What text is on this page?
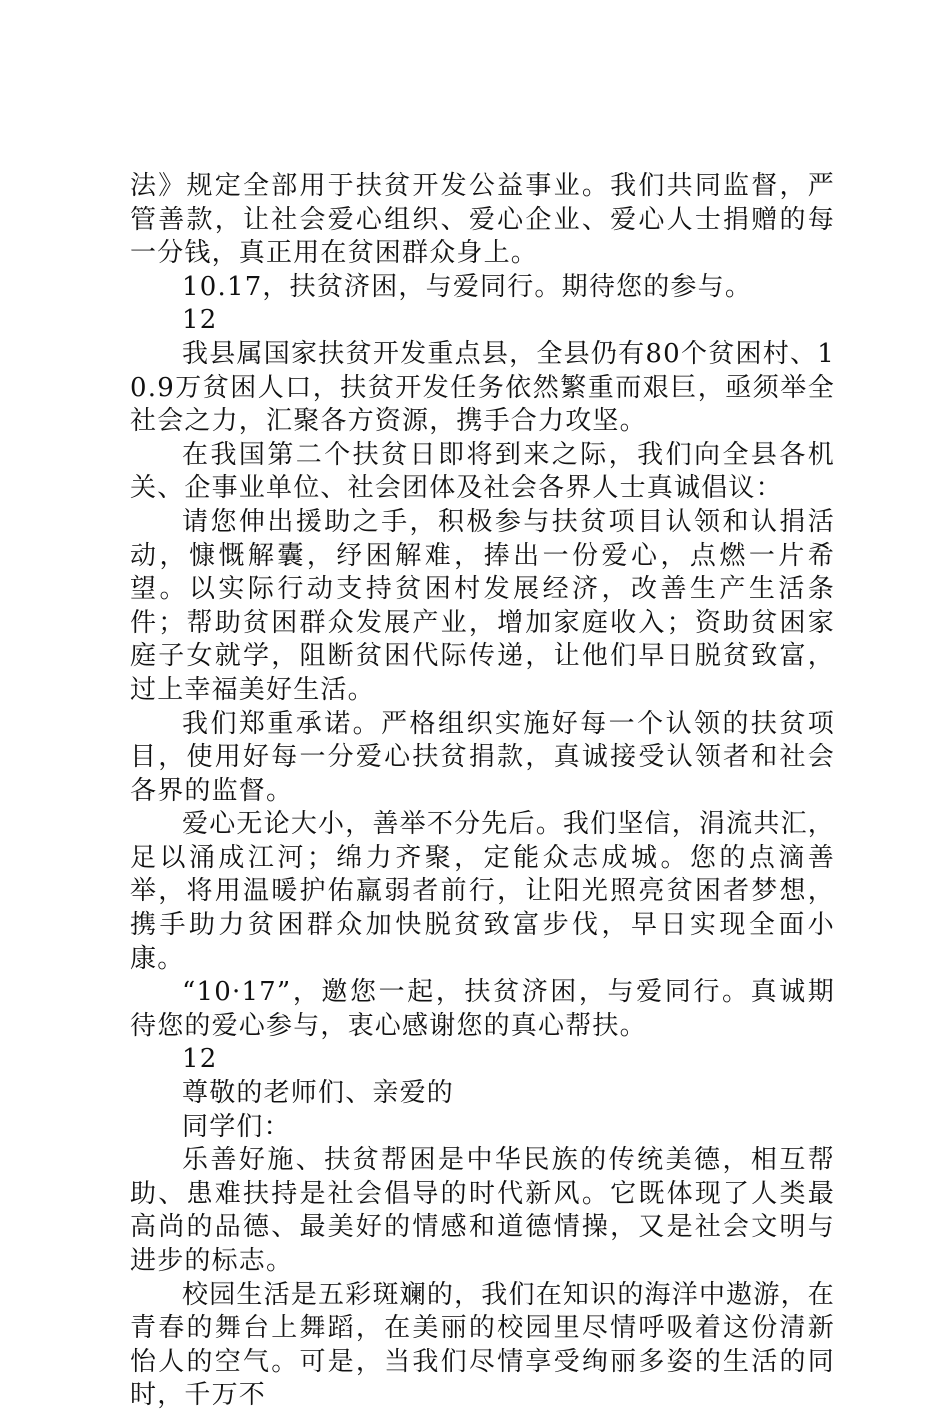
法》规定全部用于扶贫开发公益事业。我们共同监督，严管善款，让社会爱心组织、爱心企业、爱心人士捐赠的每一分钱，真正用在贫困群众身上。

10.17，扶贫济困，与爱同行。期待您的参与。

12

我县属国家扶贫开发重点县，全县仍有80个贫困村、10.9万贫困人口，扶贫开发任务依然繁重而艰巨，亟须举全社会之力，汇聚各方资源，携手合力攻坚。

在我国第二个扶贫日即将到来之际，我们向全县各机关、企事业单位、社会团体及社会各界人士真诚倡议：

请您伸出援助之手，积极参与扶贫项目认领和认捐活动，慷慨解囊，纾困解难，捧出一份爱心，点燃一片希望。以实际行动支持贫困村发展经济，改善生产生活条件；帮助贫困群众发展产业，增加家庭收入；资助贫困家庭子女就学，阻断贫困代际传递，让他们早日脱贫致富，过上幸福美好生活。

我们郑重承诺。严格组织实施好每一个认领的扶贫项目，使用好每一分爱心扶贫捐款，真诚接受认领者和社会各界的监督。

爱心无论大小，善举不分先后。我们坚信，涓流共汇，足以涌成江河；绵力齐聚，定能众志成城。您的点滴善举，将用温暖护佑羸弱者前行，让阳光照亮贫困者梦想，携手助力贫困群众加快脱贫致富步伐，早日实现全面小康。

“10·17”，邀您一起，扶贫济困，与爱同行。真诚期待您的爱心参与，衷心感谢您的真心帮扶。

12

尊敬的老师们、亲爱的

同学们：

乐善好施、扶贫帮困是中华民族的传统美德，相互帮助、患难扶持是社会倡导的时代新风。它既体现了人类最高尚的品德、最美好的情感和道德情操，又是社会文明与进步的标志。

校园生活是五彩斑斓的，我们在知识的海洋中遨游，在青春的舞台上舞蹈，在美丽的校园里尽情呼吸着这份清新怡人的空气。可是，当我们尽情享受绚丽多姿的生活的同时，千万不
